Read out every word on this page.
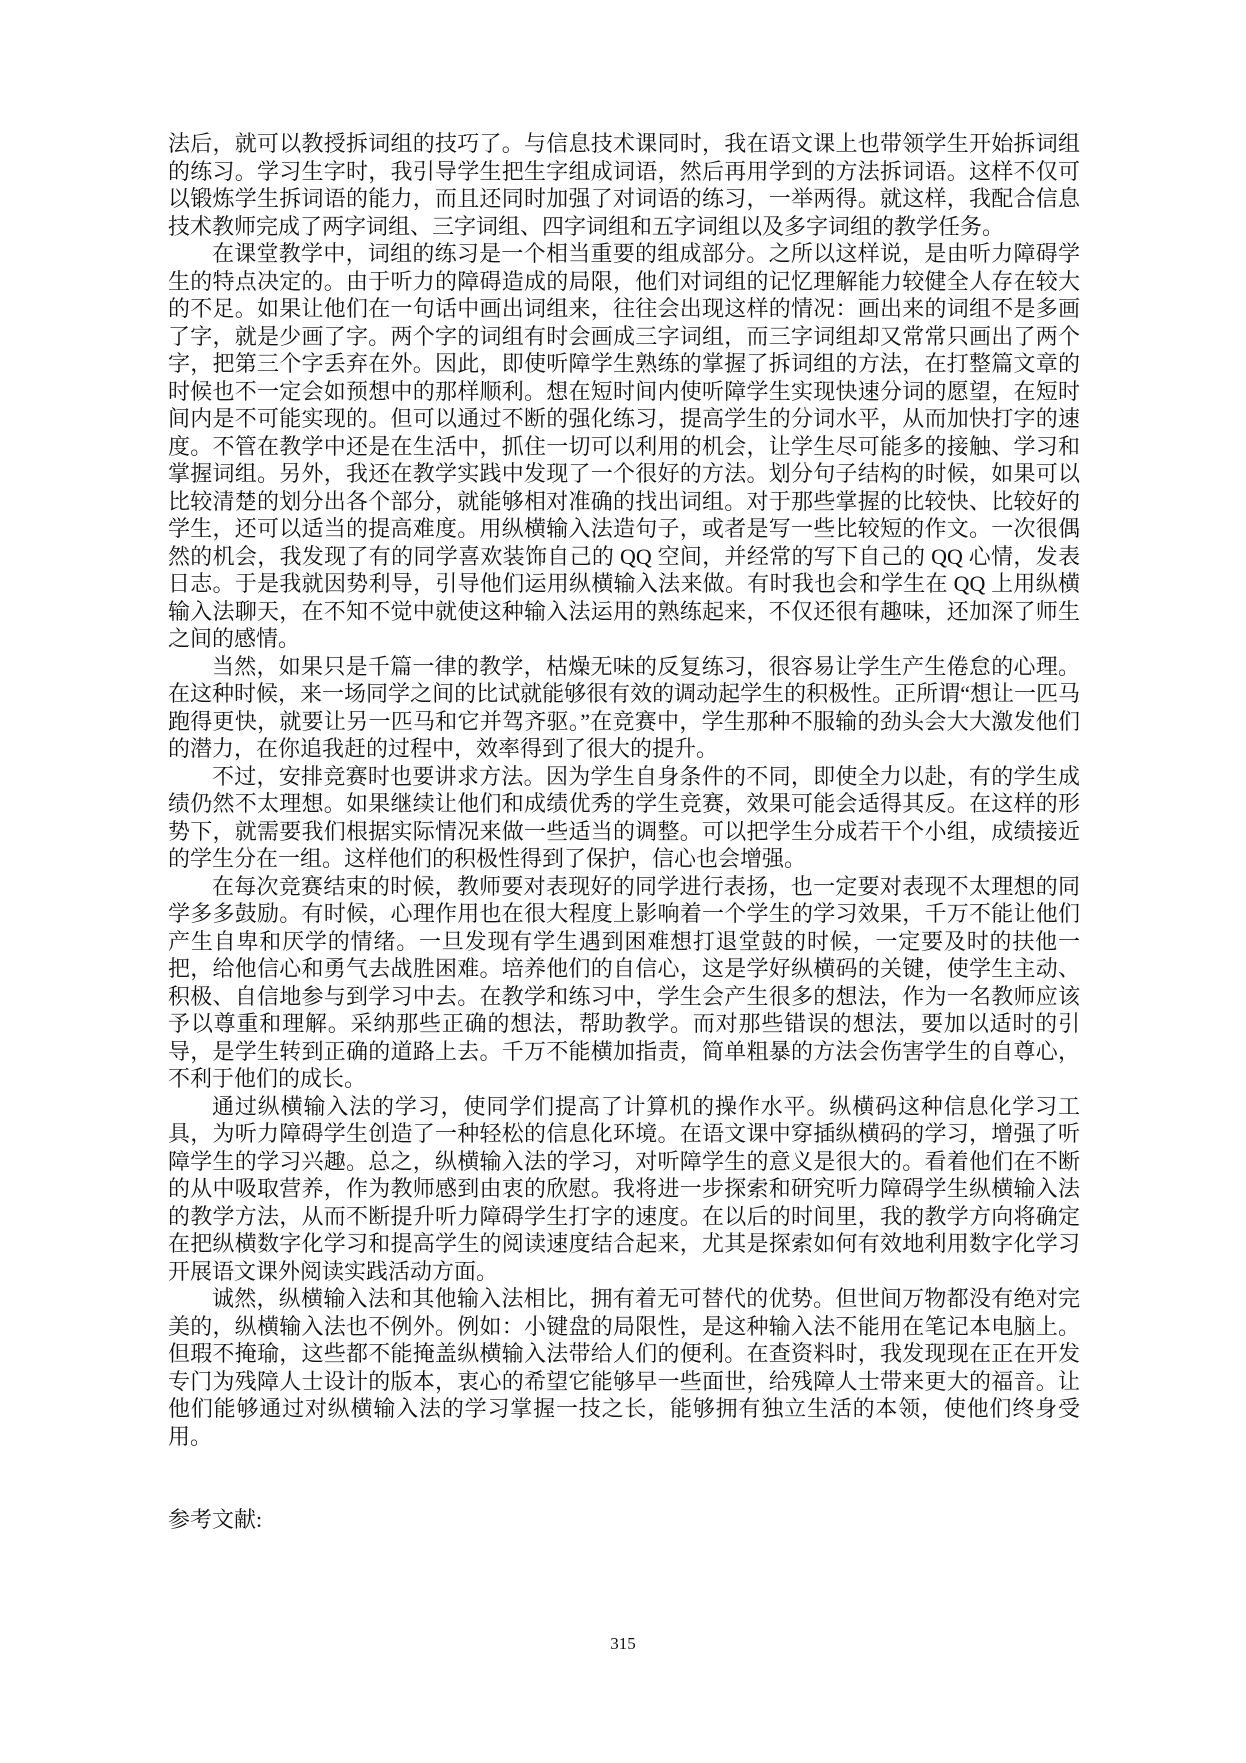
法后，就可以教授拆词组的技巧了。与信息技术课同时，我在语文课上也带领学生开始拆词组的练习。学习生字时，我引导学生把生字组成词语，然后再用学到的方法拆词语。这样不仅可以锻炼学生拆词语的能力，而且还同时加强了对词语的练习，一举两得。就这样，我配合信息技术教师完成了两字词组、三字词组、四字词组和五字词组以及多字词组的教学任务。

在课堂教学中，词组的练习是一个相当重要的组成部分。之所以这样说，是由听力障碍学生的特点决定的。由于听力的障碍造成的局限，他们对词组的记忆理解能力较健全人存在较大的不足。如果让他们在一句话中画出词组来，往往会出现这样的情况：画出来的词组不是多画了字，就是少画了字。两个字的词组有时会画成三字词组，而三字词组却又常常只画出了两个字，把第三个字丢弃在外。因此，即使听障学生熟练的掌握了拆词组的方法，在打整篇文章的时候也不一定会如预想中的那样顺利。想在短时间内使听障学生实现快速分词的愿望，在短时间内是不可能实现的。但可以通过不断的强化练习，提高学生的分词水平，从而加快打字的速度。不管在教学中还是在生活中，抓住一切可以利用的机会，让学生尽可能多的接触、学习和掌握词组。另外，我还在教学实践中发现了一个很好的方法。划分句子结构的时候，如果可以比较清楚的划分出各个部分，就能够相对准确的找出词组。对于那些掌握的比较快、比较好的学生，还可以适当的提高难度。用纵横输入法造句子，或者是写一些比较短的作文。一次很偶然的机会，我发现了有的同学喜欢装饰自己的 QQ 空间，并经常的写下自己的 QQ 心情，发表日志。于是我就因势利导，引导他们运用纵横输入法来做。有时我也会和学生在 QQ 上用纵横输入法聊天，在不知不觉中就使这种输入法运用的熟练起来，不仅还很有趣味，还加深了师生之间的感情。

当然，如果只是千篇一律的教学，枯燥无味的反复练习，很容易让学生产生倦怠的心理。在这种时候，来一场同学之间的比试就能够很有效的调动起学生的积极性。正所谓“想让一匹马跑得更快，就要让另一匹马和它并驾齐驱。”在竞赛中，学生那种不服输的劲头会大大激发他们的潜力，在你追我赶的过程中，效率得到了很大的提升。

不过，安排竞赛时也要讲求方法。因为学生自身条件的不同，即使全力以赴，有的学生成绩仍然不太理想。如果继续让他们和成绩优秀的学生竞赛，效果可能会适得其反。在这样的形势下，就需要我们根据实际情况来做一些适当的调整。可以把学生分成若干个小组，成绩接近的学生分在一组。这样他们的积极性得到了保护，信心也会增强。

在每次竞赛结束的时候，教师要对表现好的同学进行表扬，也一定要对表现不太理想的同学多多鼓励。有时候，心理作用也在很大程度上影响着一个学生的学习效果，千万不能让他们产生自卑和厌学的情绪。一旦发现有学生遇到困难想打退堂鼓的时候，一定要及时的扶他一把，给他信心和勇气去战胜困难。培养他们的自信心，这是学好纵横码的关键，使学生主动、积极、自信地参与到学习中去。在教学和练习中，学生会产生很多的想法，作为一名教师应该予以尊重和理解。采纳那些正确的想法，帮助教学。而对那些错误的想法，要加以适时的引导，是学生转到正确的道路上去。千万不能横加指责，简单粗暴的方法会伤害学生的自尊心，不利于他们的成长。

通过纵横输入法的学习，使同学们提高了计算机的操作水平。纵横码这种信息化学习工具，为听力障碍学生创造了一种轻松的信息化环境。在语文课中穿插纵横码的学习，增强了听障学生的学习兴趣。总之，纵横输入法的学习，对听障学生的意义是很大的。看着他们在不断的从中吸取营养，作为教师感到由衷的欣慰。我将进一步探索和研究听力障碍学生纵横输入法的教学方法，从而不断提升听力障碍学生打字的速度。在以后的时间里，我的教学方向将确定在把纵横数字化学习和提高学生的阅读速度结合起来，尤其是探索如何有效地利用数字化学习开展语文课外阅读实践活动方面。

诚然，纵横输入法和其他输入法相比，拥有着无可替代的优势。但世间万物都没有绝对完美的，纵横输入法也不例外。例如：小键盘的局限性，是这种输入法不能用在笔记本电脑上。但瑕不掩瑜，这些都不能掩盖纵横输入法带给人们的便利。在查资料时，我发现现在正在开发专门为残障人士设计的版本，衷心的希望它能够早一些面世，给残障人士带来更大的福音。让他们能够通过对纵横输入法的学习掌握一技之长，能够拥有独立生活的本领，使他们终身受用。

参考文献:
315
